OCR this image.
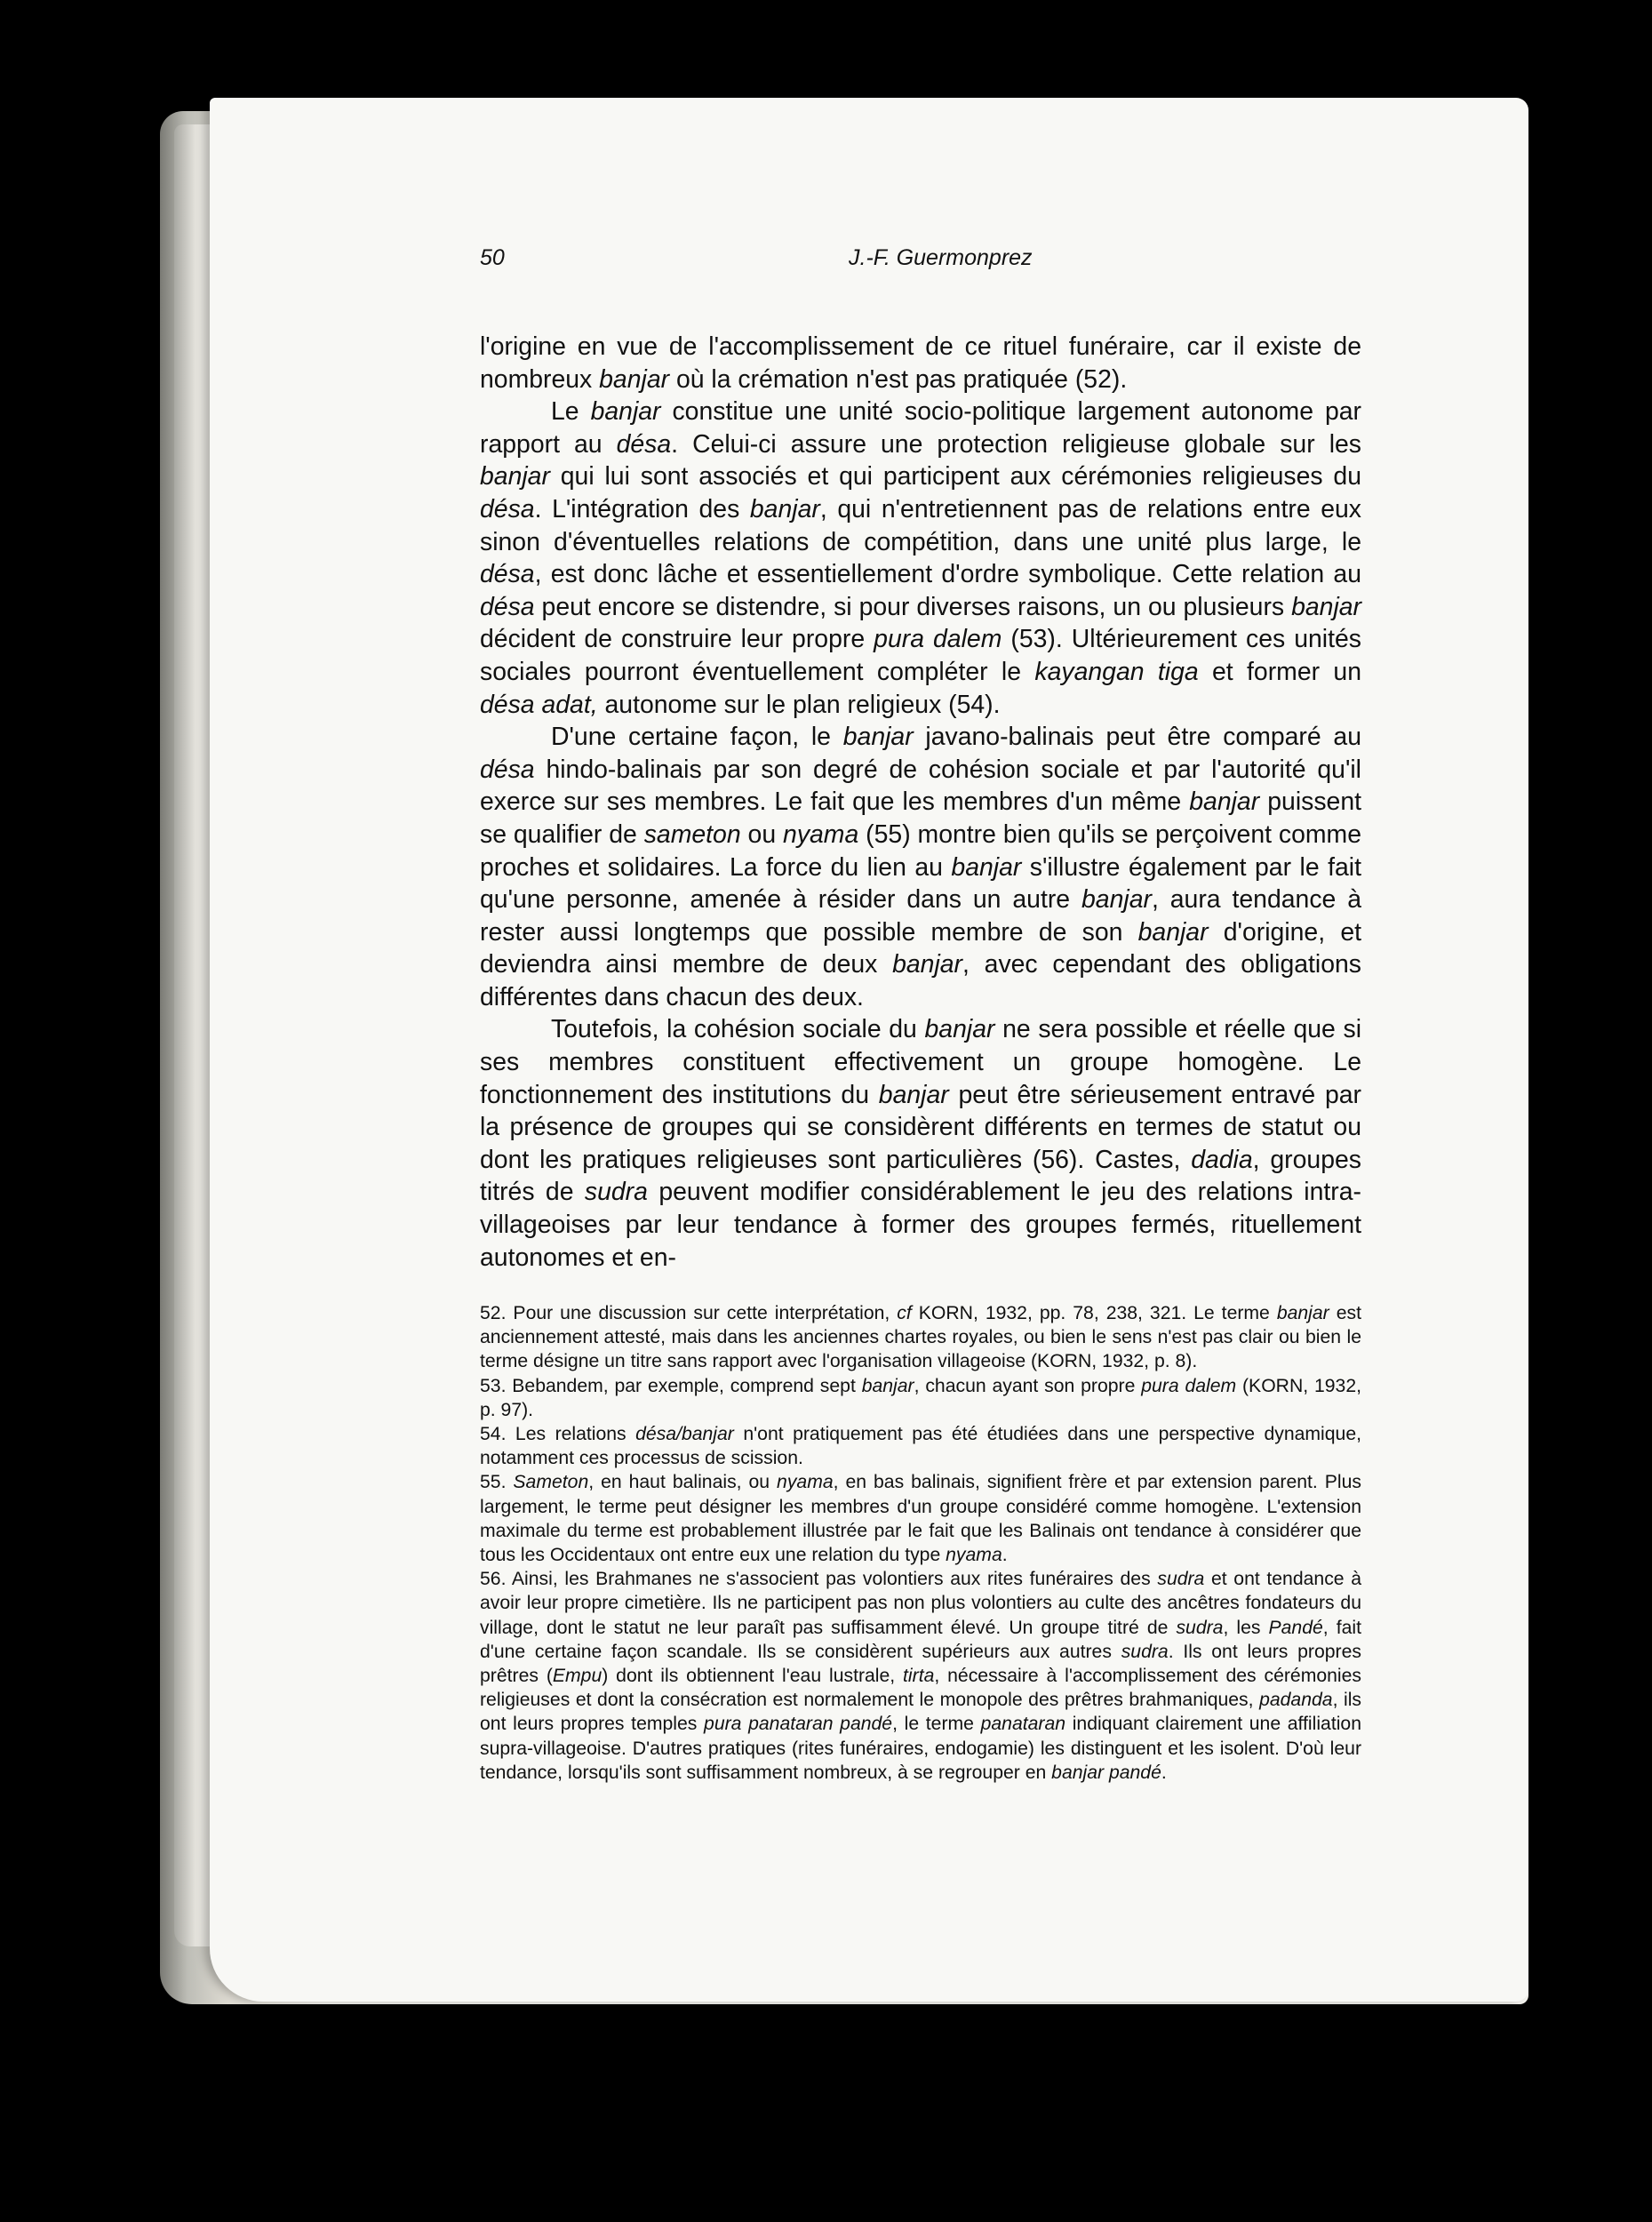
50	J.-F. Guermonprez

l'origine en vue de l'accomplissement de ce rituel funéraire, car il existe de nombreux banjar où la crémation n'est pas pratiquée (52).

Le banjar constitue une unité socio-politique largement autonome par rapport au désa. Celui-ci assure une protection religieuse globale sur les banjar qui lui sont associés et qui participent aux cérémonies religieuses du désa. L'intégration des banjar, qui n'entretiennent pas de relations entre eux sinon d'éventuelles relations de compétition, dans une unité plus large, le désa, est donc lâche et essentiellement d'ordre symbolique. Cette relation au désa peut encore se distendre, si pour diverses raisons, un ou plusieurs banjar décident de construire leur propre pura dalem (53). Ultérieurement ces unités sociales pourront éventuellement compléter le kayangan tiga et former un désa adat, autonome sur le plan religieux (54).

D'une certaine façon, le banjar javano-balinais peut être comparé au désa hindo-balinais par son degré de cohésion sociale et par l'autorité qu'il exerce sur ses membres. Le fait que les membres d'un même banjar puissent se qualifier de sameton ou nyama (55) montre bien qu'ils se perçoivent comme proches et solidaires. La force du lien au banjar s'illustre également par le fait qu'une personne, amenée à résider dans un autre banjar, aura tendance à rester aussi longtemps que possible membre de son banjar d'origine, et deviendra ainsi membre de deux banjar, avec cependant des obligations différentes dans chacun des deux.

Toutefois, la cohésion sociale du banjar ne sera possible et réelle que si ses membres constituent effectivement un groupe homogène. Le fonctionnement des institutions du banjar peut être sérieusement entravé par la présence de groupes qui se considèrent différents en termes de statut ou dont les pratiques religieuses sont particulières (56). Castes, dadia, groupes titrés de sudra peuvent modifier considérablement le jeu des relations intra-villageoises par leur tendance à former des groupes fermés, rituellement autonomes et en-

52. Pour une discussion sur cette interprétation, cf KORN, 1932, pp. 78, 238, 321. Le terme banjar est anciennement attesté, mais dans les anciennes chartes royales, ou bien le sens n'est pas clair ou bien le terme désigne un titre sans rapport avec l'organisation villageoise (KORN, 1932, p. 8).

53. Bebandem, par exemple, comprend sept banjar, chacun ayant son propre pura dalem (KORN, 1932, p. 97).

54. Les relations désa/banjar n'ont pratiquement pas été étudiées dans une perspective dynamique, notamment ces processus de scission.

55. Sameton, en haut balinais, ou nyama, en bas balinais, signifient frère et par extension parent. Plus largement, le terme peut désigner les membres d'un groupe considéré comme homogène. L'extension maximale du terme est probablement illustrée par le fait que les Balinais ont tendance à considérer que tous les Occidentaux ont entre eux une relation du type nyama.

56. Ainsi, les Brahmanes ne s'associent pas volontiers aux rites funéraires des sudra et ont tendance à avoir leur propre cimetière. Ils ne participent pas non plus volontiers au culte des ancêtres fondateurs du village, dont le statut ne leur paraît pas suffisamment élevé. Un groupe titré de sudra, les Pandé, fait d'une certaine façon scandale. Ils se considèrent supérieurs aux autres sudra. Ils ont leurs propres prêtres (Empu) dont ils obtiennent l'eau lustrale, tirta, nécessaire à l'accomplissement des cérémonies religieuses et dont la consécration est normalement le monopole des prêtres brahmaniques, padanda, ils ont leurs propres temples pura panataran pandé, le terme panataran indiquant clairement une affiliation supra-villageoise. D'autres pratiques (rites funéraires, endogamie) les distinguent et les isolent. D'où leur tendance, lorsqu'ils sont suffisamment nombreux, à se regrouper en banjar pandé.
